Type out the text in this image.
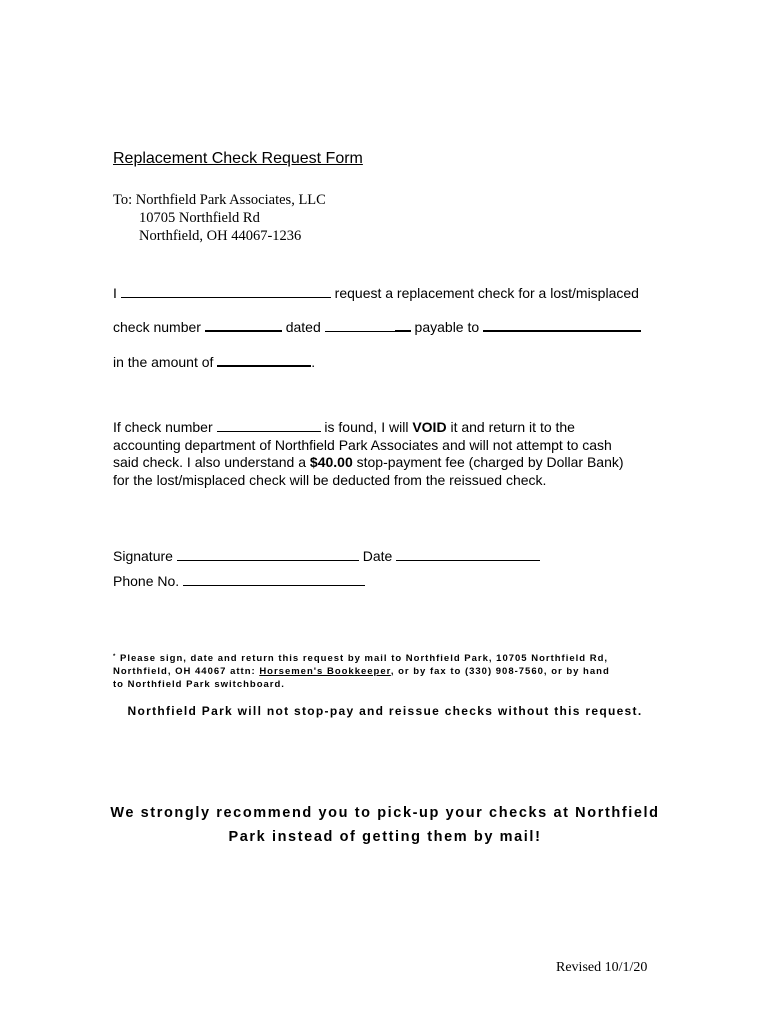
Replacement Check Request Form
To: Northfield Park Associates, LLC
10705 Northfield Rd
Northfield, OH 44067-1236
I	request a replacement check for a lost/misplaced
check number	dated	payable to
in the amount of	.
If check number	is found, I will VOID it and return it to the
accounting department of Northfield Park Associates and will not attempt to cash
said check. I also understand a $40.00 stop-payment fee (charged by Dollar Bank)
for the lost/misplaced check will be deducted from the reissued check.
Signature	Date
Phone No.
* Please sign, date and return this request by mail to Northfield Park, 10705 Northfield Rd,
Northfield, OH 44067 attn: Horsemen's Bookkeeper, or by fax to (330) 908-7560, or by hand
to Northfield Park switchboard.
Northfield Park will not stop-pay and reissue checks without this request.
We strongly recommend you to pick-up your checks at Northfield
Park instead of getting them by mail!
Revised 10/1/20
